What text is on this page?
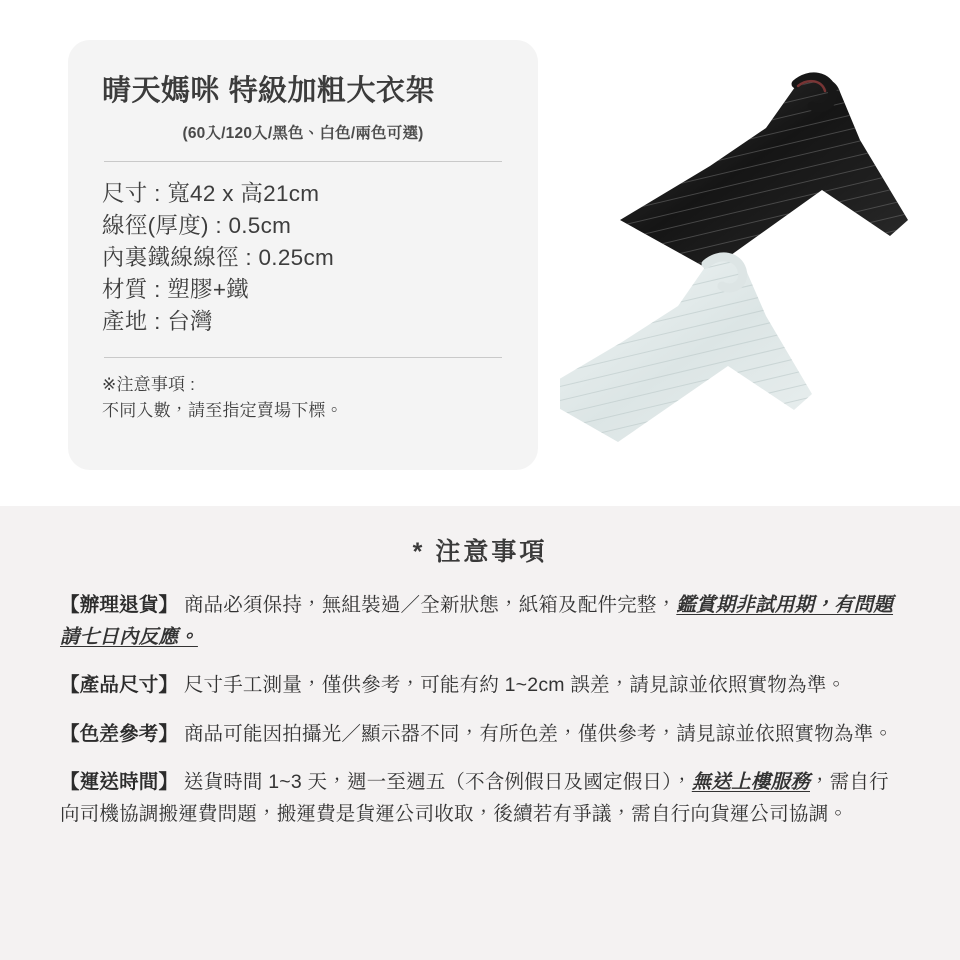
晴天媽咪 特級加粗大衣架
(60入/120入/黑色、白色/兩色可選)
尺寸 : 寬42 x 高21cm
線徑(厚度) : 0.5cm
內裏鐵線線徑 : 0.25cm
材質 : 塑膠+鐵
產地 : 台灣
※注意事項 :
不同入數，請至指定賣場下標。
* 注意事項
【辦理退貨】 商品必須保持，無組裝過／全新狀態，紙箱及配件完整，鑑賞期非試用期，有問題請七日內反應。
【產品尺寸】 尺寸手工測量，僅供參考，可能有約 1~2cm 誤差，請見諒並依照實物為準。
【色差參考】 商品可能因拍攝光／顯示器不同，有所色差，僅供參考，請見諒並依照實物為準。
【運送時間】 送貨時間 1~3 天，週一至週五（不含例假日及國定假日），無送上樓服務，需自行向司機協調搬運費問題，搬運費是貨運公司收取，後續若有爭議，需自行向貨運公司協調。
